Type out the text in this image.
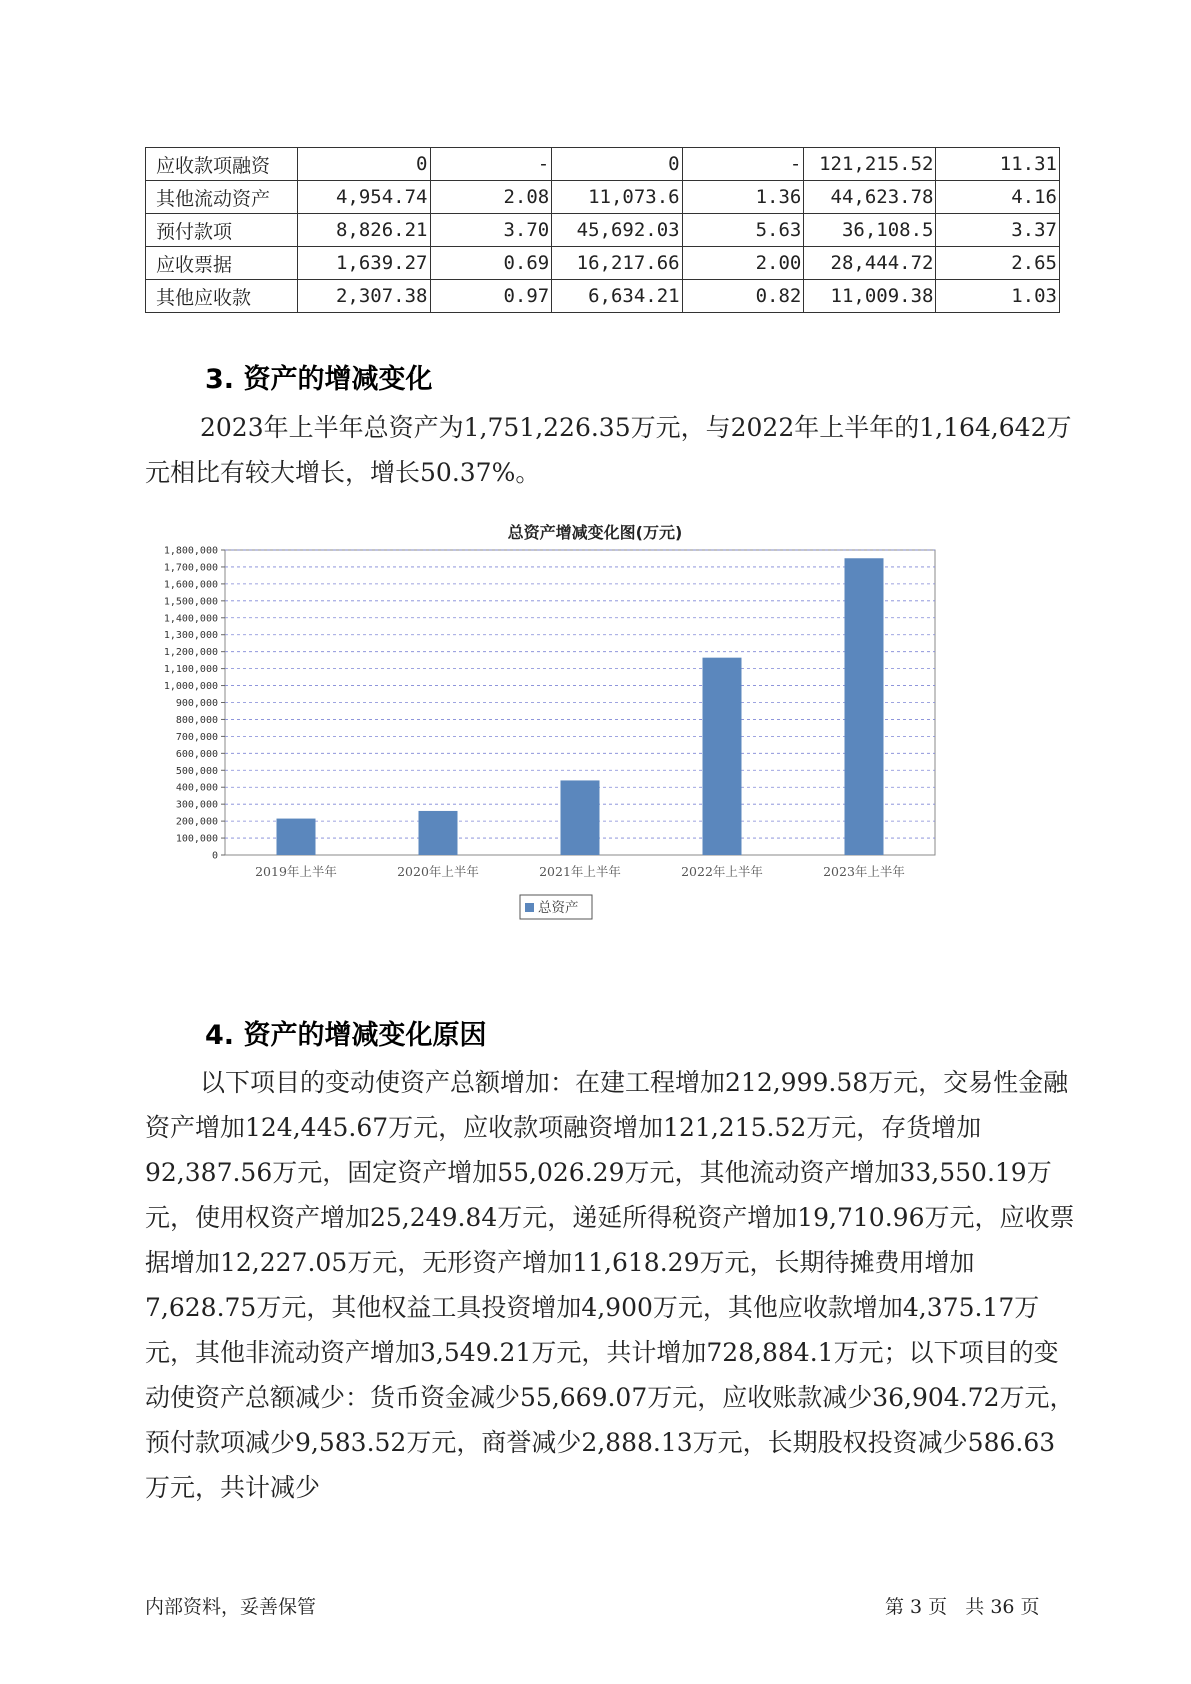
应收款项融资	0	-	0	-	121,215.52	11.31
其他流动资产	4,954.74	2.08	11,073.6	1.36	44,623.78	4.16
预付款项	8,826.21	3.70	45,692.03	5.63	36,108.5	3.37
应收票据	1,639.27	0.69	16,217.66	2.00	28,444.72	2.65
其他应收款	2,307.38	0.97	6,634.21	0.82	11,009.38	1.03
3. 资产的增减变化

2023年上半年总资产为1,751,226.35万元，与2022年上半年的1,164,642万元相比有较大增长，增长50.37%。

总资产增减变化图(万元)
0
100,000
200,000
300,000
400,000
500,000
600,000
700,000
800,000
900,000
1,000,000
1,100,000
1,200,000
1,300,000
1,400,000
1,500,000
1,600,000
1,700,000
1,800,000
2019年上半年	2020年上半年	2021年上半年	2022年上半年	2023年上半年
总资产
4. 资产的增减变化原因

以下项目的变动使资产总额增加：在建工程增加212,999.58万元，交易性金融资产增加124,445.67万元，应收款项融资增加121,215.52万元，存货增加92,387.56万元，固定资产增加55,026.29万元，其他流动资产增加33,550.19万元，使用权资产增加25,249.84万元，递延所得税资产增加19,710.96万元，应收票据增加12,227.05万元，无形资产增加11,618.29万元，长期待摊费用增加7,628.75万元，其他权益工具投资增加4,900万元，其他应收款增加4,375.17万元，其他非流动资产增加3,549.21万元，共计增加728,884.1万元；以下项目的变动使资产总额减少：货币资金减少55,669.07万元，应收账款减少36,904.72万元，预付款项减少9,583.52万元，商誉减少2,888.13万元，长期股权投资减少586.63万元，共计减少

内部资料，妥善保管	第 3 页   共 36 页
